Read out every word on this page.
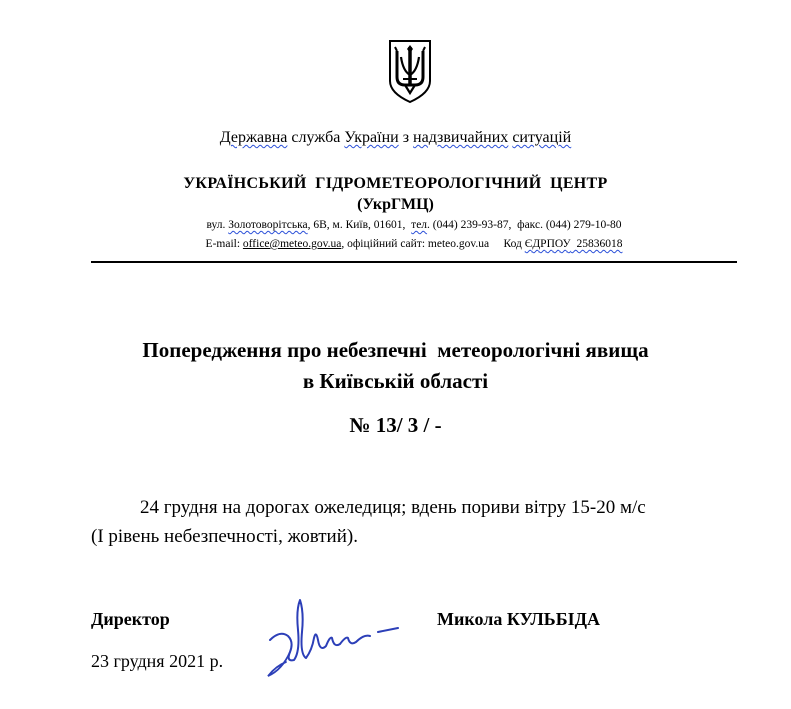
Державна служба України з надзвичайних ситуацій
УКРАЇНСЬКИЙ  ГІДРОМЕТЕОРОЛОГІЧНИЙ  ЦЕНТР
(УкрГМЦ)
вул. Золотоворітська, 6В, м. Київ, 01601,  тел. (044) 239-93-87,  факс. (044) 279-10-80
E-mail: office@meteo.gov.ua, офіційний сайт: meteo.gov.ua     Код ЄДРПОУ  25836018
Попередження про небезпечні  метеорологічні явища
в Київській області
№ 13/ 3 / -
24 грудня на дорогах ожеледиця; вдень пориви вітру 15-20 м/с
(I рівень небезпечності, жовтий).
Директор	Микола КУЛЬБІДА
23 грудня 2021 р.
